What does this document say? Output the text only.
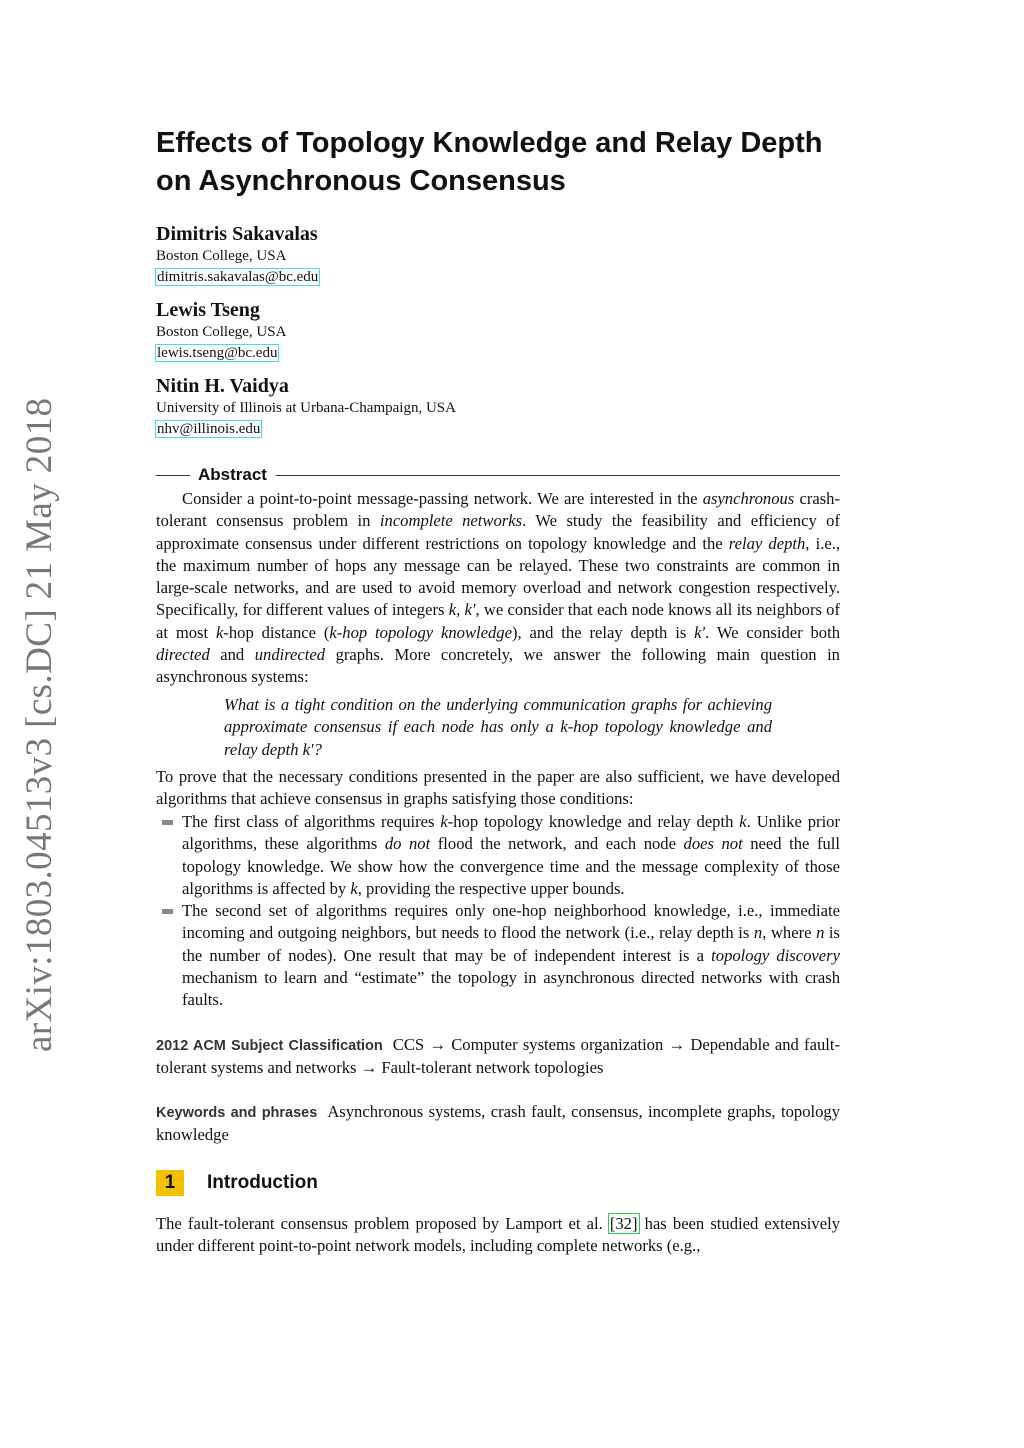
arXiv:1803.04513v3 [cs.DC] 21 May 2018
Effects of Topology Knowledge and Relay Depth
on Asynchronous Consensus
Dimitris Sakavalas
Boston College, USA
dimitris.sakavalas@bc.edu
Lewis Tseng
Boston College, USA
lewis.tseng@bc.edu
Nitin H. Vaidya
University of Illinois at Urbana-Champaign, USA
nhv@illinois.edu
Abstract
Consider a point-to-point message-passing network. We are interested in the asynchronous crash-tolerant consensus problem in incomplete networks. We study the feasibility and efficiency of approximate consensus under different restrictions on topology knowledge and the relay depth, i.e., the maximum number of hops any message can be relayed. These two constraints are common in large-scale networks, and are used to avoid memory overload and network congestion respectively. Specifically, for different values of integers k, k′, we consider that each node knows all its neighbors of at most k-hop distance (k-hop topology knowledge), and the relay depth is k′. We consider both directed and undirected graphs. More concretely, we answer the following main question in asynchronous systems:
What is a tight condition on the underlying communication graphs for achieving approximate consensus if each node has only a k-hop topology knowledge and relay depth k′?
To prove that the necessary conditions presented in the paper are also sufficient, we have developed algorithms that achieve consensus in graphs satisfying those conditions:
The first class of algorithms requires k-hop topology knowledge and relay depth k. Unlike prior algorithms, these algorithms do not flood the network, and each node does not need the full topology knowledge. We show how the convergence time and the message complexity of those algorithms is affected by k, providing the respective upper bounds.
The second set of algorithms requires only one-hop neighborhood knowledge, i.e., immediate incoming and outgoing neighbors, but needs to flood the network (i.e., relay depth is n, where n is the number of nodes). One result that may be of independent interest is a topology discovery mechanism to learn and “estimate” the topology in asynchronous directed networks with crash faults.
2012 ACM Subject Classification CCS → Computer systems organization → Dependable and fault-tolerant systems and networks → Fault-tolerant network topologies
Keywords and phrases Asynchronous systems, crash fault, consensus, incomplete graphs, topology knowledge
1	Introduction
The fault-tolerant consensus problem proposed by Lamport et al. [32] has been studied extensively under different point-to-point network models, including complete networks (e.g.,
